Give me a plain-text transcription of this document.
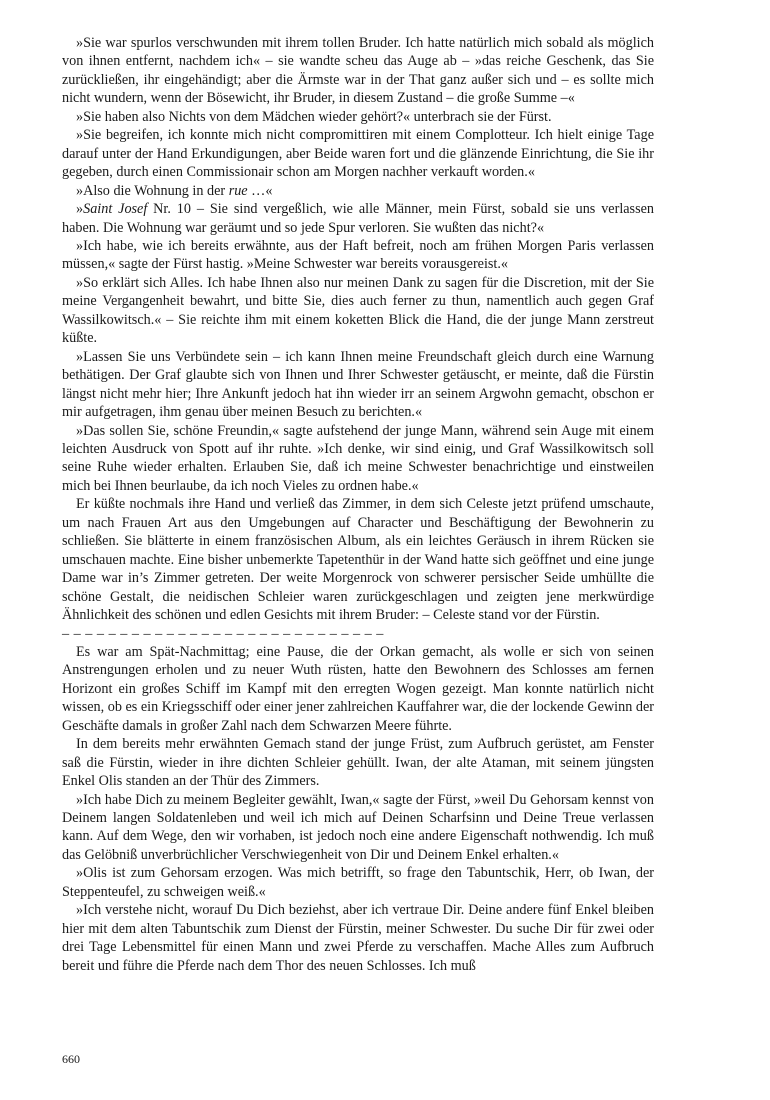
»Sie war spurlos verschwunden mit ihrem tollen Bruder. Ich hatte natürlich mich sobald als möglich von ihnen entfernt, nachdem ich« – sie wandte scheu das Auge ab – »das reiche Geschenk, das Sie zurückließen, ihr eingehändigt; aber die Ärmste war in der That ganz außer sich und – es sollte mich nicht wundern, wenn der Bösewicht, ihr Bruder, in diesem Zustand – die große Summe –«

»Sie haben also Nichts von dem Mädchen wieder gehört?« unterbrach sie der Fürst.

»Sie begreifen, ich konnte mich nicht compromittiren mit einem Complotteur. Ich hielt einige Tage darauf unter der Hand Erkundigungen, aber Beide waren fort und die glänzende Einrichtung, die Sie ihr gegeben, durch einen Commissionair schon am Morgen nachher verkauft worden.«

»Also die Wohnung in der rue …«

»Saint Josef Nr. 10 – Sie sind vergeßlich, wie alle Männer, mein Fürst, sobald sie uns verlassen haben. Die Wohnung war geräumt und so jede Spur verloren. Sie wußten das nicht?«

»Ich habe, wie ich bereits erwähnte, aus der Haft befreit, noch am frühen Morgen Paris verlassen müssen,« sagte der Fürst hastig. »Meine Schwester war bereits vorausgereist.«

»So erklärt sich Alles. Ich habe Ihnen also nur meinen Dank zu sagen für die Discretion, mit der Sie meine Vergangenheit bewahrt, und bitte Sie, dies auch ferner zu thun, namentlich auch gegen Graf Wassilkowitsch.« – Sie reichte ihm mit einem koketten Blick die Hand, die der junge Mann zerstreut küßte.

»Lassen Sie uns Verbündete sein – ich kann Ihnen meine Freundschaft gleich durch eine Warnung bethätigen. Der Graf glaubte sich von Ihnen und Ihrer Schwester getäuscht, er meinte, daß die Fürstin längst nicht mehr hier; Ihre Ankunft jedoch hat ihn wieder irr an seinem Argwohn gemacht, obschon er mir aufgetragen, ihm genau über meinen Besuch zu berichten.«

»Das sollen Sie, schöne Freundin,« sagte aufstehend der junge Mann, während sein Auge mit einem leichten Ausdruck von Spott auf ihr ruhte. »Ich denke, wir sind einig, und Graf Wassilkowitsch soll seine Ruhe wieder erhalten. Erlauben Sie, daß ich meine Schwester benachrichtige und einstweilen mich bei Ihnen beurlaube, da ich noch Vieles zu ordnen habe.«

Er küßte nochmals ihre Hand und verließ das Zimmer, in dem sich Celeste jetzt prüfend umschaute, um nach Frauen Art aus den Umgebungen auf Character und Beschäftigung der Bewohnerin zu schließen. Sie blätterte in einem französischen Album, als ein leichtes Geräusch in ihrem Rücken sie umschauen machte. Eine bisher unbemerkte Tapetenthür in der Wand hatte sich geöffnet und eine junge Dame war in’s Zimmer getreten. Der weite Morgenrock von schwerer persischer Seide umhüllte die schöne Gestalt, die neidischen Schleier waren zurückgeschlagen und zeigten jene merkwürdige Ähnlichkeit des schönen und edlen Gesichts mit ihrem Bruder: – Celeste stand vor der Fürstin.

– – – – – – – – – – – – – – – – – – – – – – – – – – – –

Es war am Spät-Nachmittag; eine Pause, die der Orkan gemacht, als wolle er sich von seinen Anstrengungen erholen und zu neuer Wuth rüsten, hatte den Bewohnern des Schlosses am fernen Horizont ein großes Schiff im Kampf mit den erregten Wogen gezeigt. Man konnte natürlich nicht wissen, ob es ein Kriegsschiff oder einer jener zahlreichen Kauffahrer war, die der lockende Gewinn der Geschäfte damals in großer Zahl nach dem Schwarzen Meere führte.

In dem bereits mehr erwähnten Gemach stand der junge Früst, zum Aufbruch gerüstet, am Fenster saß die Fürstin, wieder in ihre dichten Schleier gehüllt. Iwan, der alte Ataman, mit seinem jüngsten Enkel Olis standen an der Thür des Zimmers.

»Ich habe Dich zu meinem Begleiter gewählt, Iwan,« sagte der Fürst, »weil Du Gehorsam kennst von Deinem langen Soldatenleben und weil ich mich auf Deinen Scharfsinn und Deine Treue verlassen kann. Auf dem Wege, den wir vorhaben, ist jedoch noch eine andere Eigenschaft nothwendig. Ich muß das Gelöbniß unverbrüchlicher Verschwiegenheit von Dir und Deinem Enkel erhalten.«

»Olis ist zum Gehorsam erzogen. Was mich betrifft, so frage den Tabuntschik, Herr, ob Iwan, der Steppenteufel, zu schweigen weiß.«

»Ich verstehe nicht, worauf Du Dich beziehst, aber ich vertraue Dir. Deine andere fünf Enkel bleiben hier mit dem alten Tabuntschik zum Dienst der Fürstin, meiner Schwester. Du suche Dir für zwei oder drei Tage Lebensmittel für einen Mann und zwei Pferde zu verschaffen. Mache Alles zum Aufbruch bereit und führe die Pferde nach dem Thor des neuen Schlosses. Ich muß

660
